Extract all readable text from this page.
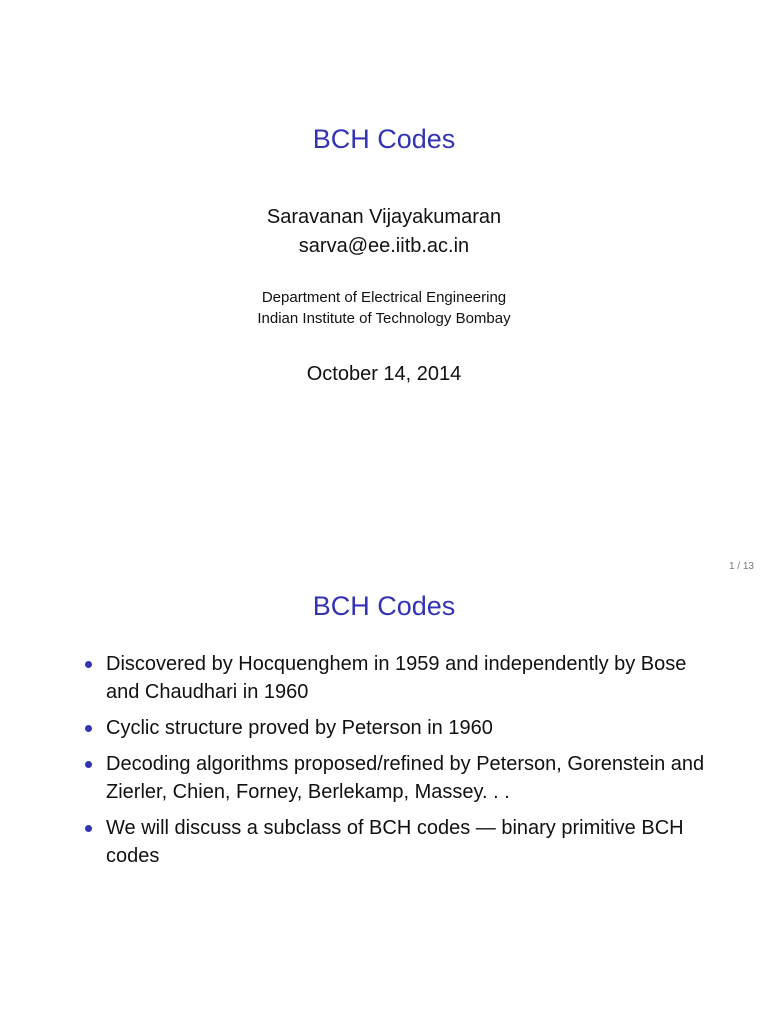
BCH Codes
Saravanan Vijayakumaran
sarva@ee.iitb.ac.in
Department of Electrical Engineering
Indian Institute of Technology Bombay
October 14, 2014
1 / 13
BCH Codes
Discovered by Hocquenghem in 1959 and independently by Bose and Chaudhari in 1960
Cyclic structure proved by Peterson in 1960
Decoding algorithms proposed/refined by Peterson, Gorenstein and Zierler, Chien, Forney, Berlekamp, Massey. . .
We will discuss a subclass of BCH codes — binary primitive BCH codes
